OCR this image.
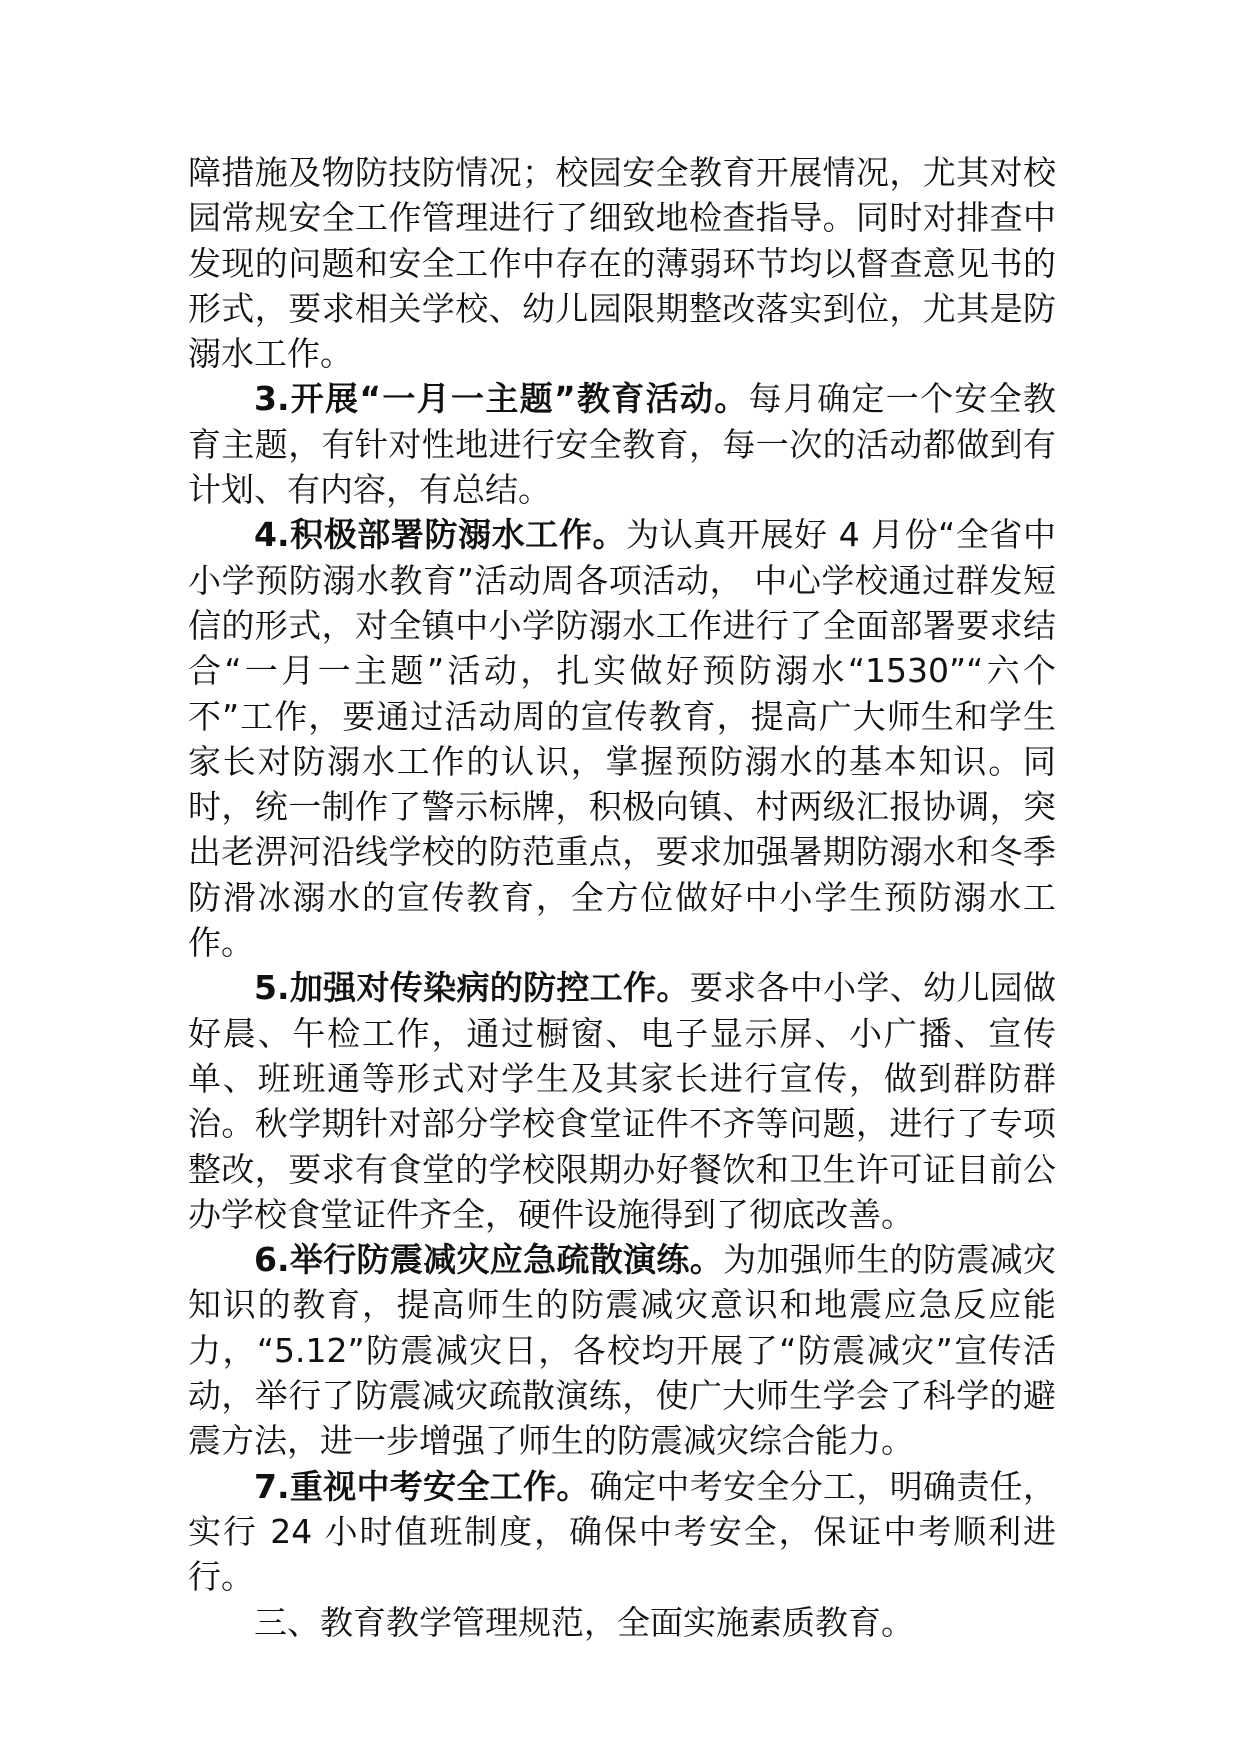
障措施及物防技防情况；校园安全教育开展情况，尤其对校园常规安全工作管理进行了细致地检查指导。同时对排查中发现的问题和安全工作中存在的薄弱环节均以督查意见书的形式，要求相关学校、幼儿园限期整改落实到位，尤其是防溺水工作。

3.开展“一月一主题”教育活动。每月确定一个安全教育主题，有针对性地进行安全教育，每一次的活动都做到有计划、有内容，有总结。

4.积极部署防溺水工作。为认真开展好 4 月份“全省中小学预防溺水教育”活动周各项活动， 中心学校通过群发短信的形式，对全镇中小学防溺水工作进行了全面部署要求结合“一月一主题”活动，扎实做好预防溺水“1530”“六个不”工作，要通过活动周的宣传教育，提高广大师生和学生家长对防溺水工作的认识，掌握预防溺水的基本知识。同时，统一制作了警示标牌，积极向镇、村两级汇报协调，突出老淠河沿线学校的防范重点，要求加强暑期防溺水和冬季防滑冰溺水的宣传教育，全方位做好中小学生预防溺水工作。

5.加强对传染病的防控工作。要求各中小学、幼儿园做好晨、午检工作，通过橱窗、电子显示屏、小广播、宣传单、班班通等形式对学生及其家长进行宣传，做到群防群治。秋学期针对部分学校食堂证件不齐等问题，进行了专项整改，要求有食堂的学校限期办好餐饮和卫生许可证目前公办学校食堂证件齐全，硬件设施得到了彻底改善。

6.举行防震减灾应急疏散演练。为加强师生的防震减灾知识的教育，提高师生的防震减灾意识和地震应急反应能力，“5.12”防震减灾日，各校均开展了“防震减灾”宣传活动，举行了防震减灾疏散演练，使广大师生学会了科学的避震方法，进一步增强了师生的防震减灾综合能力。

7.重视中考安全工作。确定中考安全分工，明确责任，实行 24 小时值班制度，确保中考安全，保证中考顺利进行。

三、教育教学管理规范，全面实施素质教育。
